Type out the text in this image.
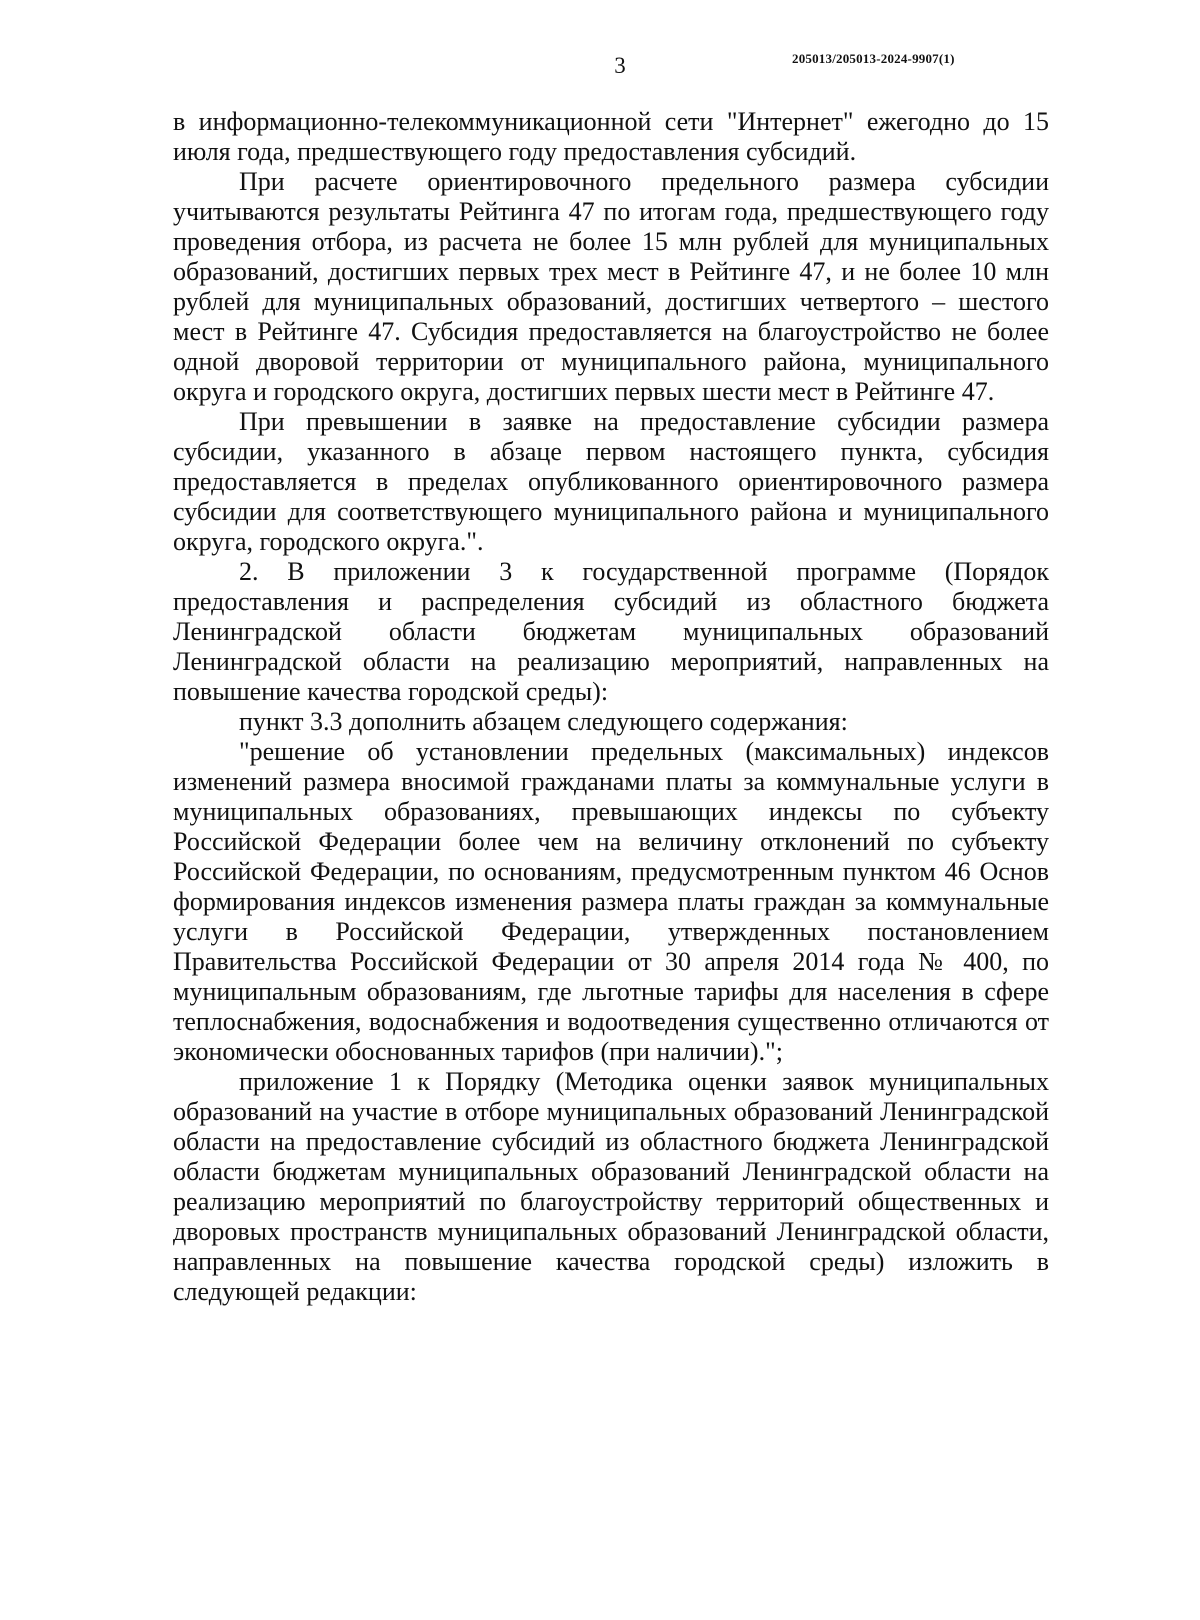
3	205013/205013-2024-9907(1)

в информационно-телекоммуникационной сети "Интернет" ежегодно до 15 июля года, предшествующего году предоставления субсидий.

При расчете ориентировочного предельного размера субсидии учитываются результаты Рейтинга 47 по итогам года, предшествующего году проведения отбора, из расчета не более 15 млн рублей для муниципальных образований, достигших первых трех мест в Рейтинге 47, и не более 10 млн рублей для муниципальных образований, достигших четвертого – шестого мест в Рейтинге 47. Субсидия предоставляется на благоустройство не более одной дворовой территории от муниципального района, муниципального округа и городского округа, достигших первых шести мест в Рейтинге 47.

При превышении в заявке на предоставление субсидии размера субсидии, указанного в абзаце первом настоящего пункта, субсидия предоставляется в пределах опубликованного ориентировочного размера субсидии для соответствующего муниципального района и муниципального округа, городского округа.".

2. В приложении 3 к государственной программе (Порядок предоставления и распределения субсидий из областного бюджета Ленинградской области бюджетам муниципальных образований Ленинградской области на реализацию мероприятий, направленных на повышение качества городской среды):

пункт 3.3 дополнить абзацем следующего содержания:

"решение об установлении предельных (максимальных) индексов изменений размера вносимой гражданами платы за коммунальные услуги в муниципальных образованиях, превышающих индексы по субъекту Российской Федерации более чем на величину отклонений по субъекту Российской Федерации, по основаниям, предусмотренным пунктом 46 Основ формирования индексов изменения размера платы граждан за коммунальные услуги в Российской Федерации, утвержденных постановлением Правительства Российской Федерации от 30 апреля 2014 года № 400, по муниципальным образованиям, где льготные тарифы для населения в сфере теплоснабжения, водоснабжения и водоотведения существенно отличаются от экономически обоснованных тарифов (при наличии).";

приложение 1 к Порядку (Методика оценки заявок муниципальных образований на участие в отборе муниципальных образований Ленинградской области на предоставление субсидий из областного бюджета Ленинградской области бюджетам муниципальных образований Ленинградской области на реализацию мероприятий по благоустройству территорий общественных и дворовых пространств муниципальных образований Ленинградской области, направленных на повышение качества городской среды) изложить в следующей редакции:
